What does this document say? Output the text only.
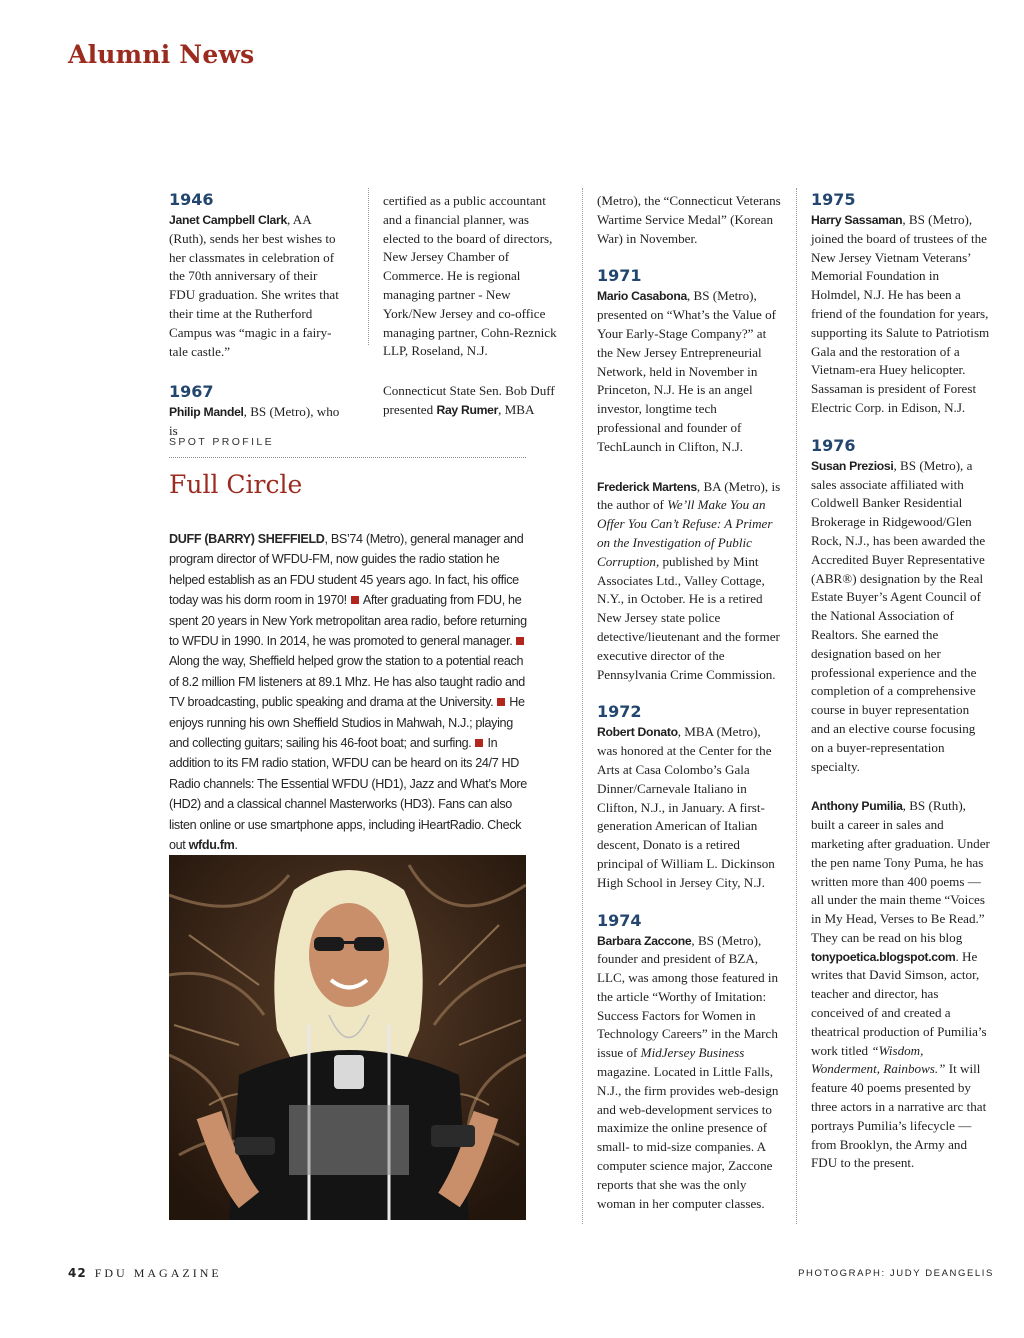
Alumni News
1946

Janet Campbell Clark, AA (Ruth), sends her best wishes to her classmates in celebration of the 70th anniversary of their FDU graduation. She writes that their time at the Rutherford Campus was “magic in a fairy-tale castle.”

1967

Philip Mandel, BS (Metro), who is

certified as a public accountant and a financial planner, was elected to the board of directors, New Jersey Chamber of Commerce. He is regional managing partner - New York/New Jersey and co-office managing partner, Cohn-Reznick LLP, Roseland, N.J.

Connecticut State Sen. Bob Duff presented Ray Rumer, MBA

(Metro), the “Connecticut Veterans Wartime Service Medal” (Korean War) in November.

1971

Mario Casabona, BS (Metro), presented on “What’s the Value of Your Early-Stage Company?” at the New Jersey Entrepreneurial Network, held in November in Princeton, N.J. He is an angel investor, longtime tech professional and founder of TechLaunch in Clifton, N.J.

Frederick Martens, BA (Metro), is the author of We’ll Make You an Offer You Can’t Refuse: A Primer on the Investigation of Public Corruption, published by Mint Associates Ltd., Valley Cottage, N.Y., in October. He is a retired New Jersey state police detective/lieutenant and the former executive director of the Pennsylvania Crime Commission.

1972

Robert Donato, MBA (Metro), was honored at the Center for the Arts at Casa Colombo’s Gala Dinner/Carnevale Italiano in Clifton, N.J., in January. A first-generation American of Italian descent, Donato is a retired principal of William L. Dickinson High School in Jersey City, N.J.

1974

Barbara Zaccone, BS (Metro), founder and president of BZA, LLC, was among those featured in the article “Worthy of Imitation: Success Factors for Women in Technology Careers” in the March issue of MidJersey Business magazine. Located in Little Falls, N.J., the firm provides web-design and web-development services to maximize the online presence of small- to mid-size companies. A computer science major, Zaccone reports that she was the only woman in her computer classes.

1975

Harry Sassaman, BS (Metro), joined the board of trustees of the New Jersey Vietnam Veterans’ Memorial Foundation in Holmdel, N.J. He has been a friend of the foundation for years, supporting its Salute to Patriotism Gala and the restoration of a Vietnam-era Huey helicopter. Sassaman is president of Forest Electric Corp. in Edison, N.J.

1976

Susan Preziosi, BS (Metro), a sales associate affiliated with Coldwell Banker Residential Brokerage in Ridgewood/Glen Rock, N.J., has been awarded the Accredited Buyer Representative (ABR®) designation by the Real Estate Buyer’s Agent Council of the National Association of Realtors. She earned the designation based on her professional experience and the completion of a comprehensive course in buyer representation and an elective course focusing on a buyer-representation specialty.

Anthony Pumilia, BS (Ruth), built a career in sales and marketing after graduation. Under the pen name Tony Puma, he has written more than 400 poems — all under the main theme “Voices in My Head, Verses to Be Read.” They can be read on his blog tonypoetica.blogspot.com. He writes that David Simson, actor, teacher and director, has conceived of and created a theatrical production of Pumilia’s work titled “Wisdom, Wonderment, Rainbows.” It will feature 40 poems presented by three actors in a narrative arc that portrays Pumilia’s lifecycle — from Brooklyn, the Army and FDU to the present.

SPOT PROFILE
Full Circle

DUFF (BARRY) SHEFFIELD, BS’74 (Metro), general manager and program director of WFDU-FM, now guides the radio station he helped establish as an FDU student 45 years ago. In fact, his office today was his dorm room in 1970! After graduating from FDU, he spent 20 years in New York metropolitan area radio, before returning to WFDU in 1990. In 2014, he was promoted to general manager.Along the way, Sheffield helped grow the station to a potential reach of 8.2 million FM listeners at 89.1 Mhz. He has also taught radio and TV broadcasting, public speaking and drama at the University. He enjoys running his own Sheffield Studios in Mahwah, N.J.; playing and collecting guitars; sailing his 46-foot boat; and surfing. In addition to its FM radio station, WFDU can be heard on its 24/7 HD Radio channels: The Essential WFDU (HD1), Jazz and What’s More (HD2) and a classical channel Masterworks (HD3). Fans can also listen online or use smartphone apps, including iHeartRadio. Check out wfdu.fm.

42 FDU MAGAZINE	PHOTOGRAPH: JUDY DEANGELIS
